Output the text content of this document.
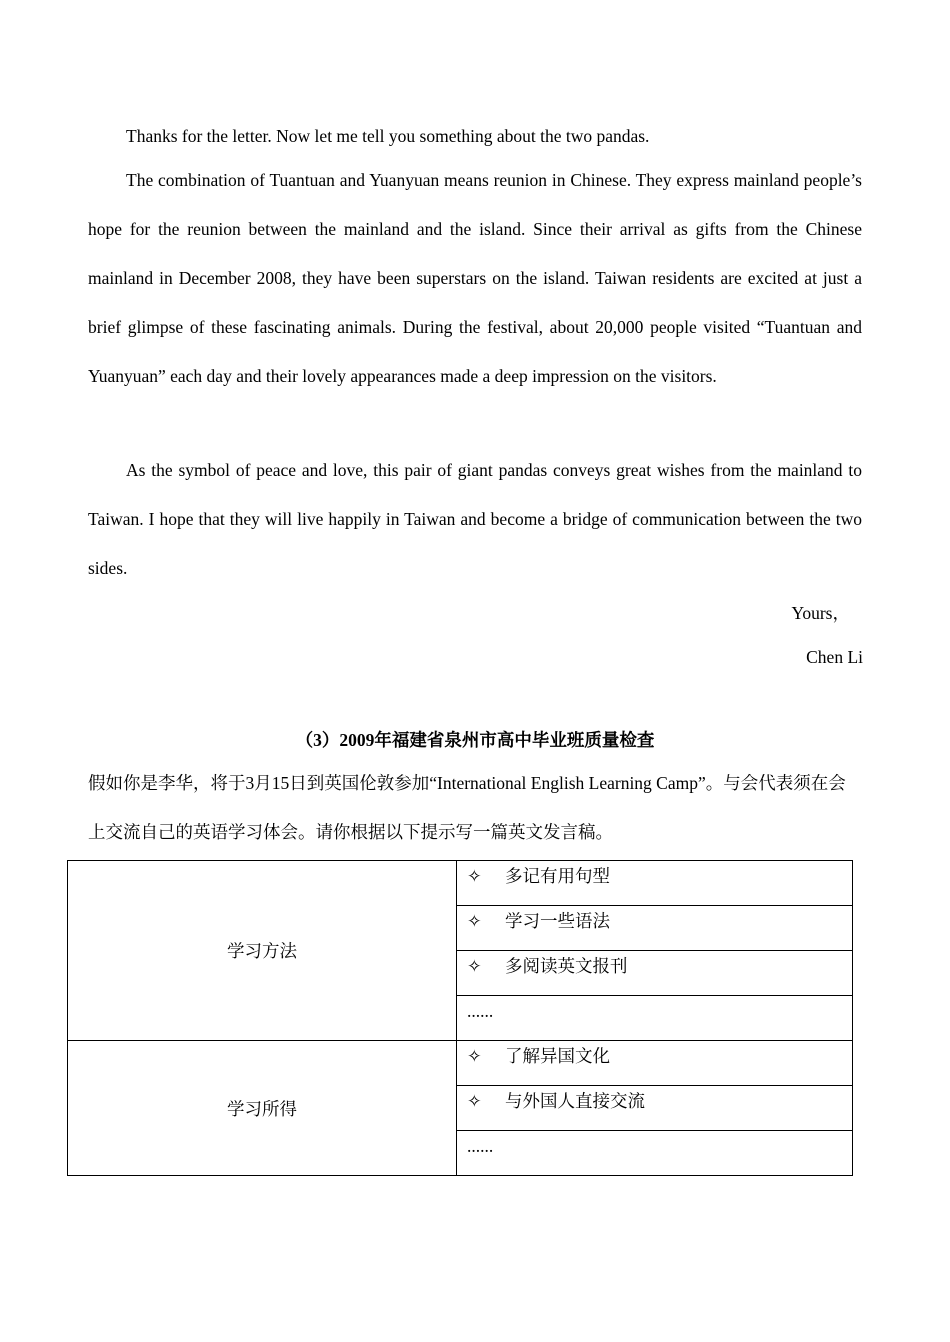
Thanks for the letter. Now let me tell you something about the two pandas.

The combination of Tuantuan and Yuanyuan means reunion in Chinese. They express mainland people’s hope for the reunion between the mainland and the island. Since their arrival as gifts from the Chinese mainland in December 2008, they have been superstars on the island. Taiwan residents are excited at just a brief glimpse of these fascinating animals. During the festival, about 20,000 people visited “Tuantuan and Yuanyuan” each day and their lovely appearances made a deep impression on the visitors.

As the symbol of peace and love, this pair of giant pandas conveys great wishes from the mainland to Taiwan. I hope that they will live happily in Taiwan and become a bridge of communication between the two sides.

Yours，

Chen Li

（3）2009年福建省泉州市高中毕业班质量检查

假如你是李华，将于3月15日到英国伦敦参加“International English Learning Camp”。与会代表须在会上交流自己的英语学习体会。请你根据以下提示写一篇英文发言稿。

学习方法	✧ 多记有用句型
	✧ 学习一些语法
	✧ 多阅读英文报刊
	......
学习所得	✧ 了解异国文化
	✧ 与外国人直接交流
	......
